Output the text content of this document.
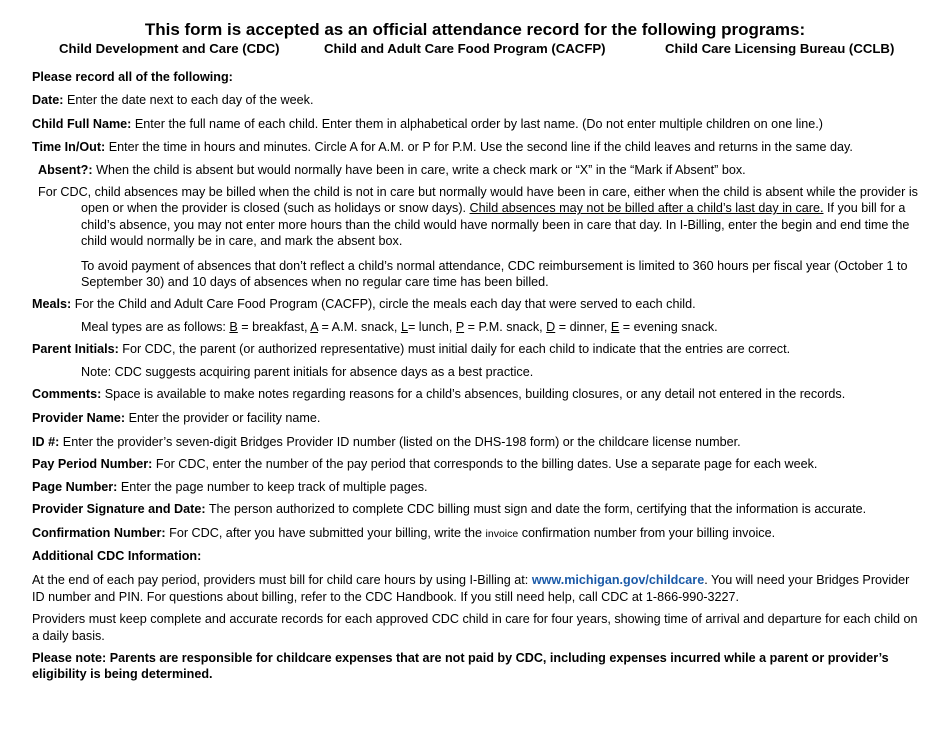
This form is accepted as an official attendance record for the following programs:
Child Development and Care (CDC)	Child and Adult Care Food Program (CACFP)	Child Care Licensing Bureau (CCLB)

Please record all of the following:

Date: Enter the date next to each day of the week.

Child Full Name: Enter the full name of each child. Enter them in alphabetical order by last name. (Do not enter multiple children on one line.)

Time In/Out: Enter the time in hours and minutes. Circle A for A.M. or P for P.M. Use the second line if the child leaves and returns in the same day.

Absent?: When the child is absent but would normally have been in care, write a check mark or “X” in the “Mark if Absent” box.

For CDC, child absences may be billed when the child is not in care but normally would have been in care, either when the child is absent while the provider is open or when the provider is closed (such as holidays or snow days). Child absences may not be billed after a child’s last day in care. If you bill for a child’s absence, you may not enter more hours than the child would have normally been in care that day. In I-Billing, enter the begin and end time the child would normally be in care, and mark the absent box.

To avoid payment of absences that don’t reflect a child’s normal attendance, CDC reimbursement is limited to 360 hours per fiscal year (October 1 to September 30) and 10 days of absences when no regular care time has been billed.

Meals: For the Child and Adult Care Food Program (CACFP), circle the meals each day that were served to each child.

Meal types are as follows: B = breakfast, A = A.M. snack, L= lunch, P = P.M. snack, D = dinner, E = evening snack.

Parent Initials: For CDC, the parent (or authorized representative) must initial daily for each child to indicate that the entries are correct.

Note: CDC suggests acquiring parent initials for absence days as a best practice.

Comments: Space is available to make notes regarding reasons for a child’s absences, building closures, or any detail not entered in the records.

Provider Name: Enter the provider or facility name.

ID #: Enter the provider’s seven-digit Bridges Provider ID number (listed on the DHS-198 form) or the childcare license number.

Pay Period Number: For CDC, enter the number of the pay period that corresponds to the billing dates. Use a separate page for each week.

Page Number: Enter the page number to keep track of multiple pages.

Provider Signature and Date: The person authorized to complete CDC billing must sign and date the form, certifying that the information is accurate.

Confirmation Number: For CDC, after you have submitted your billing, write the invoice confirmation number from your billing invoice.

Additional CDC Information:

At the end of each pay period, providers must bill for child care hours by using I-Billing at: www.michigan.gov/childcare. You will need your Bridges Provider ID number and PIN. For questions about billing, refer to the CDC Handbook. If you still need help, call CDC at 1-866-990-3227.

Providers must keep complete and accurate records for each approved CDC child in care for four years, showing time of arrival and departure for each child on a daily basis.

Please note: Parents are responsible for childcare expenses that are not paid by CDC, including expenses incurred while a parent or provider’s eligibility is being determined.
